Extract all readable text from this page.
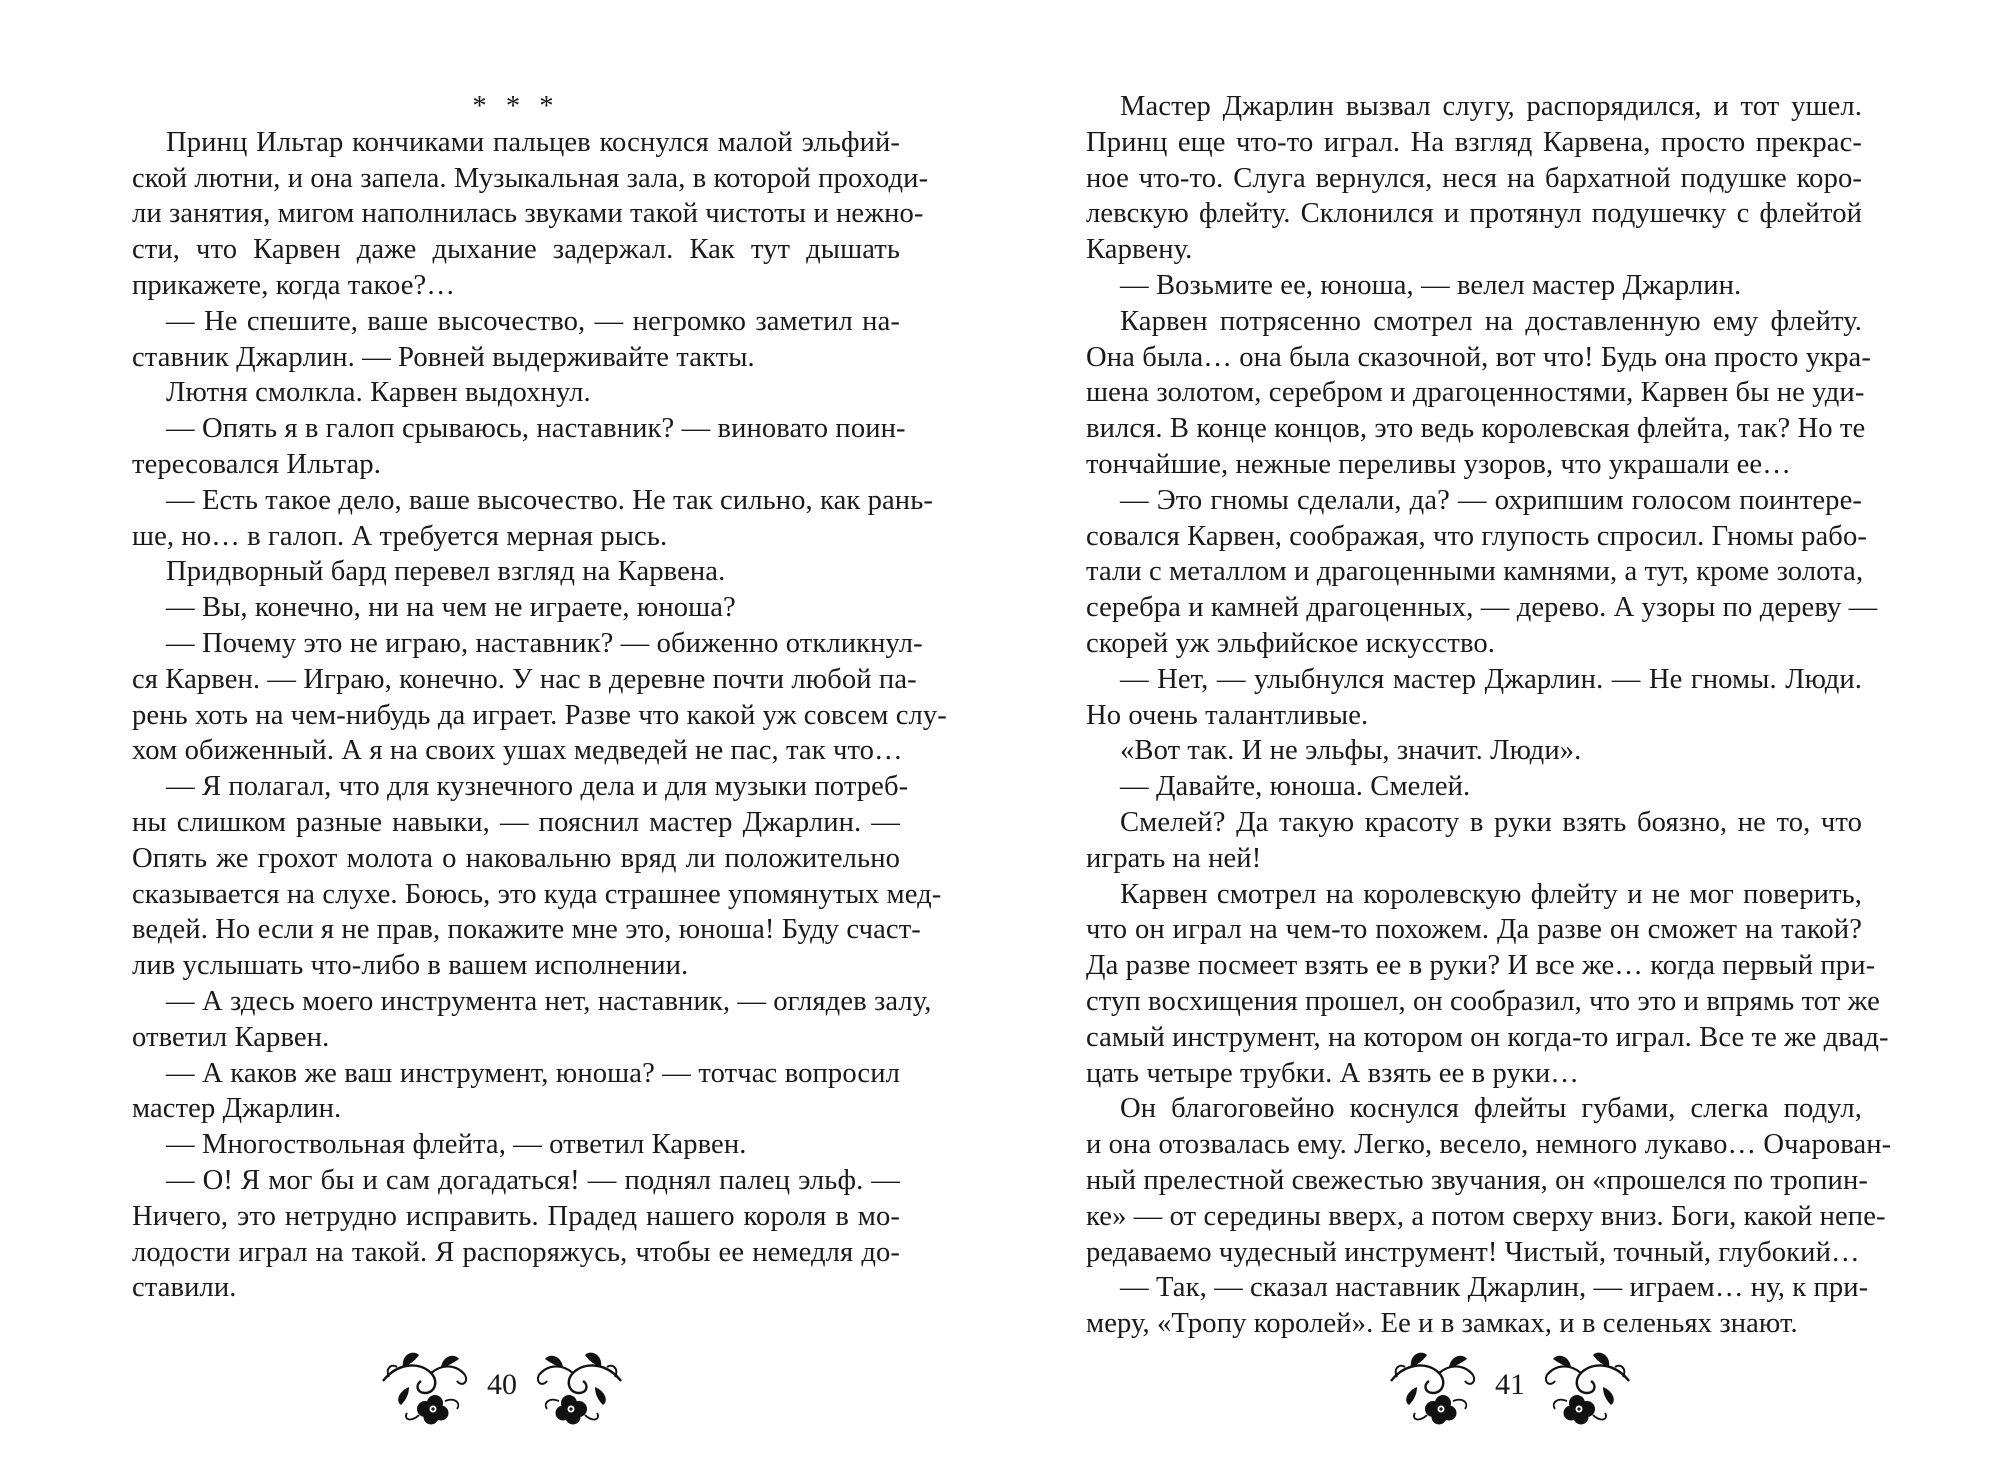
* * *
Принц Ильтар кончиками пальцев коснулся малой эльфий-
ской лютни, и она запела. Музыкальная зала, в которой проходи-
ли занятия, мигом наполнилась звуками такой чистоты и нежно-
сти, что Карвен даже дыхание задержал. Как тут дышать
прикажете, когда такое?…
— Не спешите, ваше высочество, — негромко заметил на-
ставник Джарлин. — Ровней выдерживайте такты.
Лютня смолкла. Карвен выдохнул.
— Опять я в галоп срываюсь, наставник? — виновато поин-
тересовался Ильтар.
— Есть такое дело, ваше высочество. Не так сильно, как рань-
ше, но… в галоп. А требуется мерная рысь.
Придворный бард перевел взгляд на Карвена.
— Вы, конечно, ни на чем не играете, юноша?
— Почему это не играю, наставник? — обиженно откликнул-
ся Карвен. — Играю, конечно. У нас в деревне почти любой па-
рень хоть на чем-нибудь да играет. Разве что какой уж совсем слу-
хом обиженный. А я на своих ушах медведей не пас, так что…
— Я полагал, что для кузнечного дела и для музыки потреб-
ны слишком разные навыки, — пояснил мастер Джарлин. —
Опять же грохот молота о наковальню вряд ли положительно
сказывается на слухе. Боюсь, это куда страшнее упомянутых мед-
ведей. Но если я не прав, покажите мне это, юноша! Буду счаст-
лив услышать что-либо в вашем исполнении.
— А здесь моего инструмента нет, наставник, — оглядев залу,
ответил Карвен.
— А каков же ваш инструмент, юноша? — тотчас вопросил
мастер Джарлин.
— Многоствольная флейта, — ответил Карвен.
— О! Я мог бы и сам догадаться! — поднял палец эльф. —
Ничего, это нетрудно исправить. Прадед нашего короля в мо-
лодости играл на такой. Я распоряжусь, чтобы ее немедля до-
ставили.
40
Мастер Джарлин вызвал слугу, распорядился, и тот ушел.
Принц еще что-то играл. На взгляд Карвена, просто прекрас-
ное что-то. Слуга вернулся, неся на бархатной подушке коро-
левскую флейту. Склонился и протянул подушечку с флейтой
Карвену.
— Возьмите ее, юноша, — велел мастер Джарлин.
Карвен потрясенно смотрел на доставленную ему флейту.
Она была… она была сказочной, вот что! Будь она просто укра-
шена золотом, серебром и драгоценностями, Карвен бы не уди-
вился. В конце концов, это ведь королевская флейта, так? Но те
тончайшие, нежные переливы узоров, что украшали ее…
— Это гномы сделали, да? — охрипшим голосом поинтере-
совался Карвен, соображая, что глупость спросил. Гномы рабо-
тали с металлом и драгоценными камнями, а тут, кроме золота,
серебра и камней драгоценных, — дерево. А узоры по дереву —
скорей уж эльфийское искусство.
— Нет, — улыбнулся мастер Джарлин. — Не гномы. Люди.
Но очень талантливые.
«Вот так. И не эльфы, значит. Люди».
— Давайте, юноша. Смелей.
Смелей? Да такую красоту в руки взять боязно, не то, что
играть на ней!
Карвен смотрел на королевскую флейту и не мог поверить,
что он играл на чем-то похожем. Да разве он сможет на такой?
Да разве посмеет взять ее в руки? И все же… когда первый при-
ступ восхищения прошел, он сообразил, что это и впрямь тот же
самый инструмент, на котором он когда-то играл. Все те же двад-
цать четыре трубки. А взять ее в руки…
Он благоговейно коснулся флейты губами, слегка подул,
и она отозвалась ему. Легко, весело, немного лукаво… Очарован-
ный прелестной свежестью звучания, он «прошелся по тропин-
ке» — от середины вверх, а потом сверху вниз. Боги, какой непе-
редаваемо чудесный инструмент! Чистый, точный, глубокий…
— Так, — сказал наставник Джарлин, — играем… ну, к при-
меру, «Тропу королей». Ее и в замках, и в селеньях знают.
41
